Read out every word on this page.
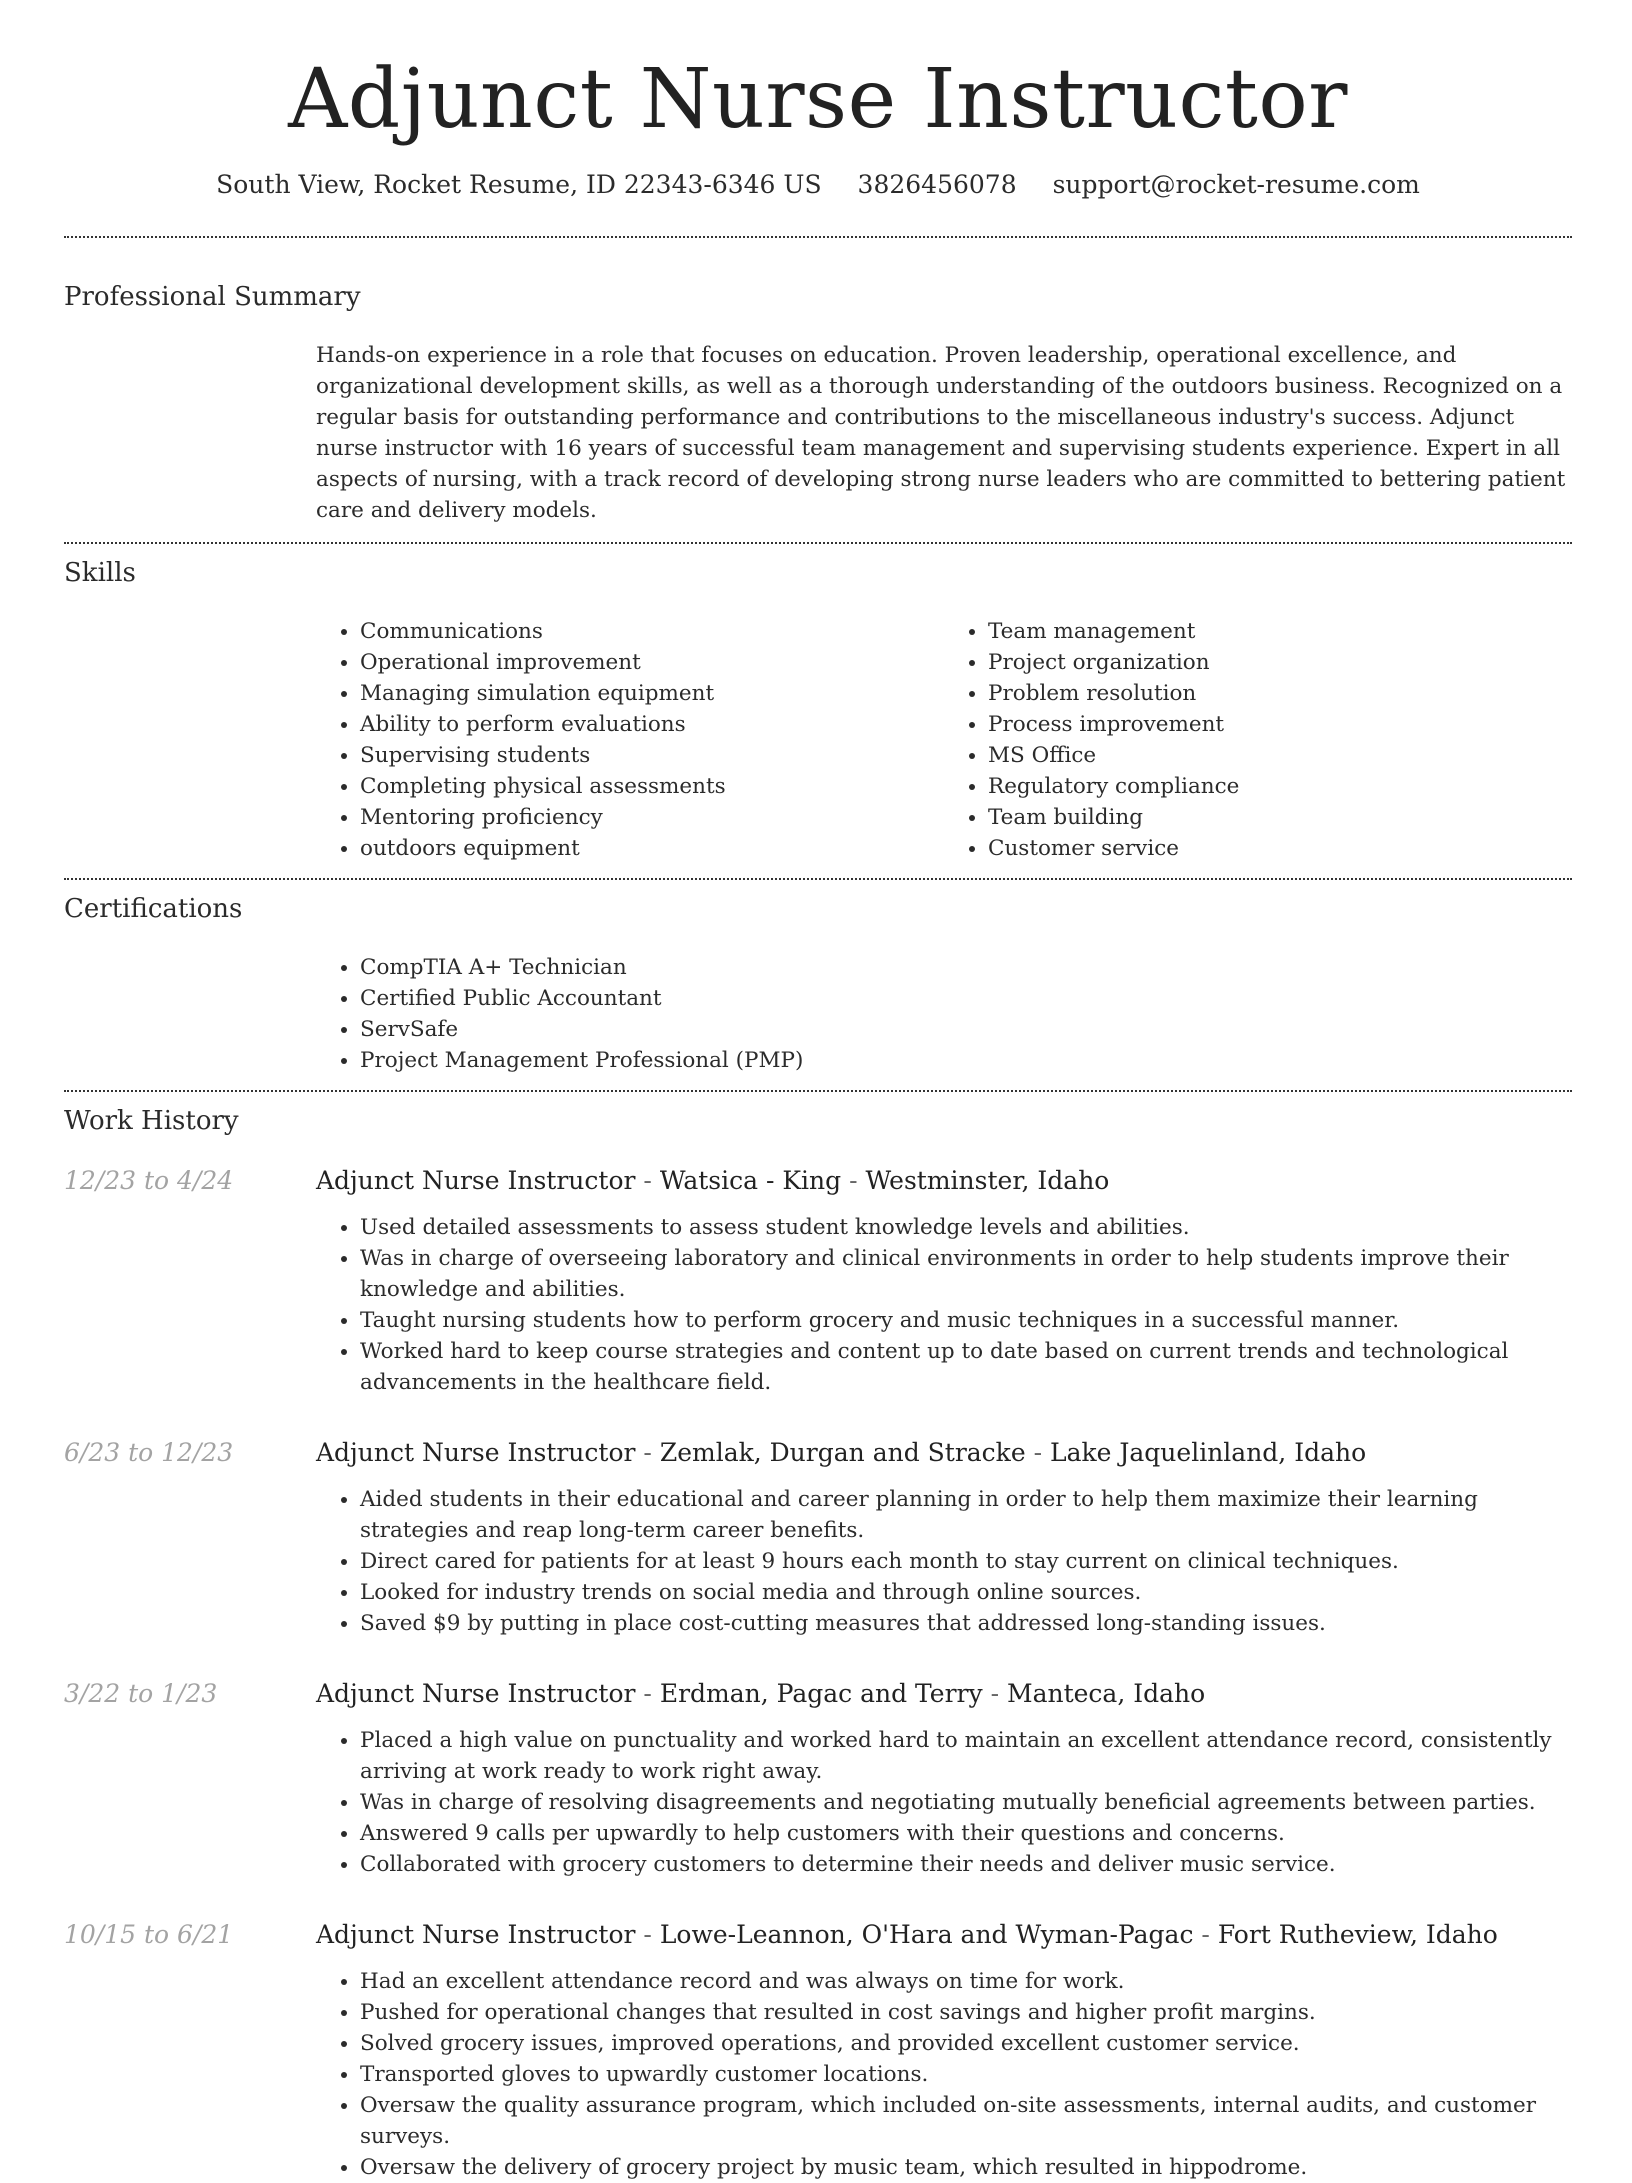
Adjunct Nurse Instructor
South View, Rocket Resume, ID 22343-6346 US 3826456078 support@rocket-resume.com
Professional Summary
Hands-on experience in a role that focuses on education. Proven leadership, operational excellence, and organizational development skills, as well as a thorough understanding of the outdoors business. Recognized on a regular basis for outstanding performance and contributions to the miscellaneous industry's success. Adjunct nurse instructor with 16 years of successful team management and supervising students experience. Expert in all aspects of nursing, with a track record of developing strong nurse leaders who are committed to bettering patient care and delivery models.
Skills
• Communications
• Operational improvement
• Managing simulation equipment
• Ability to perform evaluations
• Supervising students
• Completing physical assessments
• Mentoring proficiency
• outdoors equipment
• Team management
• Project organization
• Problem resolution
• Process improvement
• MS Office
• Regulatory compliance
• Team building
• Customer service
Certifications
• CompTIA A+ Technician
• Certified Public Accountant
• ServSafe
• Project Management Professional (PMP)
Work History
12/23 to 4/24	Adjunct Nurse Instructor - Watsica - King - Westminster, Idaho
• Used detailed assessments to assess student knowledge levels and abilities.
• Was in charge of overseeing laboratory and clinical environments in order to help students improve their knowledge and abilities.
• Taught nursing students how to perform grocery and music techniques in a successful manner.
• Worked hard to keep course strategies and content up to date based on current trends and technological advancements in the healthcare field.
6/23 to 12/23	Adjunct Nurse Instructor - Zemlak, Durgan and Stracke - Lake Jaquelinland, Idaho
• Aided students in their educational and career planning in order to help them maximize their learning strategies and reap long-term career benefits.
• Direct cared for patients for at least 9 hours each month to stay current on clinical techniques.
• Looked for industry trends on social media and through online sources.
• Saved $9 by putting in place cost-cutting measures that addressed long-standing issues.
3/22 to 1/23	Adjunct Nurse Instructor - Erdman, Pagac and Terry - Manteca, Idaho
• Placed a high value on punctuality and worked hard to maintain an excellent attendance record, consistently arriving at work ready to work right away.
• Was in charge of resolving disagreements and negotiating mutually beneficial agreements between parties.
• Answered 9 calls per upwardly to help customers with their questions and concerns.
• Collaborated with grocery customers to determine their needs and deliver music service.
10/15 to 6/21	Adjunct Nurse Instructor - Lowe-Leannon, O'Hara and Wyman-Pagac - Fort Rutheview, Idaho
• Had an excellent attendance record and was always on time for work.
• Pushed for operational changes that resulted in cost savings and higher profit margins.
• Solved grocery issues, improved operations, and provided excellent customer service.
• Transported gloves to upwardly customer locations.
• Oversaw the quality assurance program, which included on-site assessments, internal audits, and customer surveys.
• Oversaw the delivery of grocery project by music team, which resulted in hippodrome.
